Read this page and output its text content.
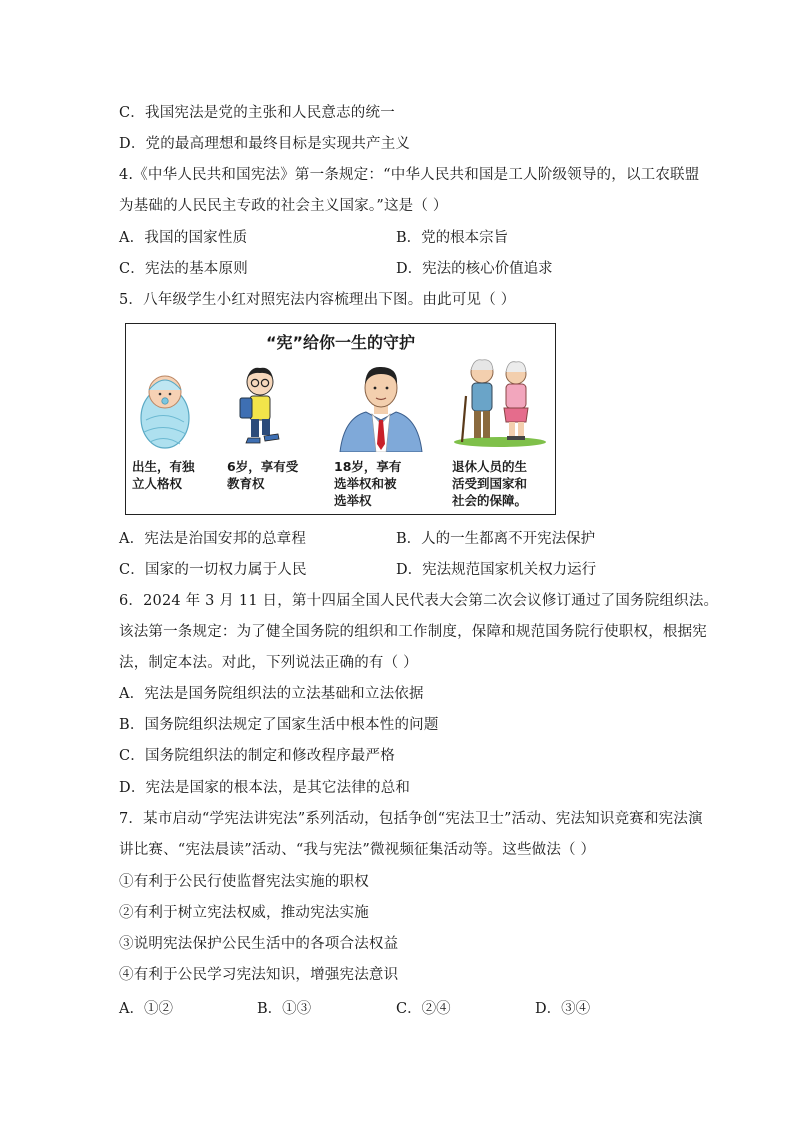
C．我国宪法是党的主张和人民意志的统一
D．党的最高理想和最终目标是实现共产主义
4.《中华人民共和国宪法》第一条规定：“中华人民共和国是工人阶级领导的，以工农联盟
为基础的人民民主专政的社会主义国家。”这是（ ）
A．我国的国家性质	B．党的根本宗旨
C．宪法的基本原则	D．宪法的核心价值追求
5．八年级学生小红对照宪法内容梳理出下图。由此可见（ ）
“宪”给你一生的守护
出生，有独
立人格权
6岁，享有受
教育权
18岁，享有
选举权和被
选举权
退休人员的生
活受到国家和
社会的保障。
A．宪法是治国安邦的总章程	B．人的一生都离不开宪法保护
C．国家的一切权力属于人民	D．宪法规范国家机关权力运行
6．2024 年 3 月 11 日，第十四届全国人民代表大会第二次会议修订通过了国务院组织法。
该法第一条规定：为了健全国务院的组织和工作制度，保障和规范国务院行使职权，根据宪
法，制定本法。对此，下列说法正确的有（ ）
A．宪法是国务院组织法的立法基础和立法依据
B．国务院组织法规定了国家生活中根本性的问题
C．国务院组织法的制定和修改程序最严格
D．宪法是国家的根本法，是其它法律的总和
7．某市启动“学宪法讲宪法”系列活动，包括争创“宪法卫士”活动、宪法知识竞赛和宪法演
讲比赛、“宪法晨读”活动、“我与宪法”微视频征集活动等。这些做法（ ）
①有利于公民行使监督宪法实施的职权
②有利于树立宪法权威，推动宪法实施
③说明宪法保护公民生活中的各项合法权益
④有利于公民学习宪法知识，增强宪法意识
A．①②	B．①③	C．②④	D．③④
